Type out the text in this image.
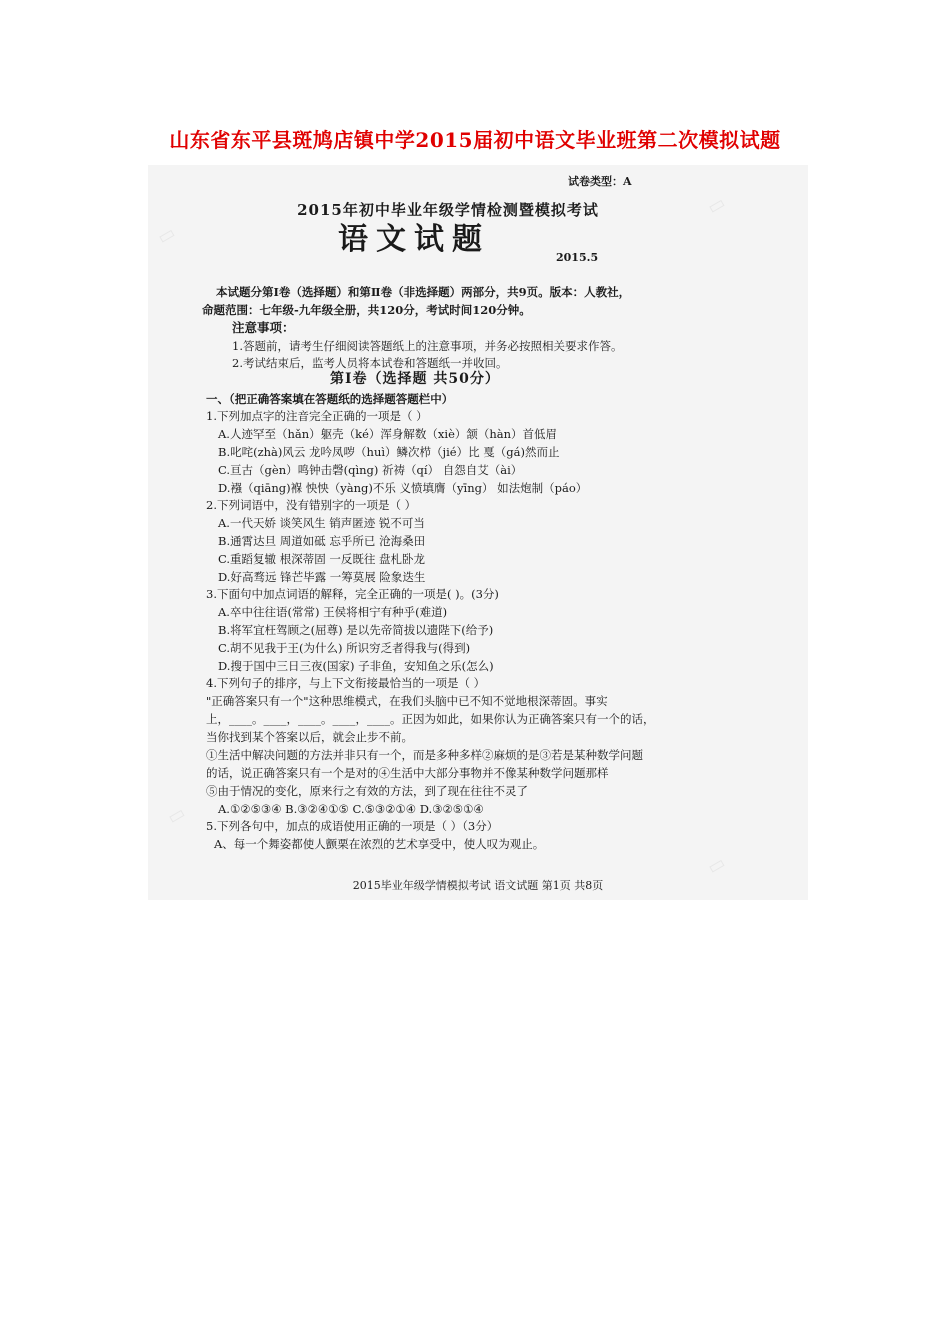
山东省东平县斑鸠店镇中学2015届初中语文毕业班第二次模拟试题
▭
▭
▭
▭
试卷类型：A
2015年初中毕业年级学情检测暨模拟考试
语文试题
2015.5
本试题分第Ⅰ卷（选择题）和第Ⅱ卷（非选择题）两部分，共9页。版本：人教社，
命题范围：七年级-九年级全册，共120分，考试时间120分钟。
注意事项：
1.答题前，请考生仔细阅读答题纸上的注意事项，并务必按照相关要求作答。
2.考试结束后，监考人员将本试卷和答题纸一并收回。
第Ⅰ卷（选择题 共50分）
一、（把正确答案填在答题纸的选择题答题栏中）
1.下列加点字的注音完全正确的一项是（ ）
A.人迹罕至（hǎn）躯壳（ké）浑身解数（xiè）颔（hàn）首低眉
B.叱咤(zhà)风云 龙吟凤哕（huì）鳞次栉（jié）比 戛（gá)然而止
C.亘古（gèn）鸣钟击磬(qìng) 祈祷（qí） 自怨自艾（ài）
D.襁（qiāng)褓 怏怏（yàng)不乐 义愤填膺（yīng） 如法炮制（páo）
2.下列词语中，没有错别字的一项是（ ）
A.一代天娇 谈笑风生 销声匿迹 锐不可当
B.通霄达旦 周道如砥 忘乎所已 沧海桑田
C.重蹈复辙 根深蒂固 一反既往 盘札卧龙
D.好高骛远 锋芒毕露 一筹莫展 险象迭生
3.下面句中加点词语的解释，完全正确的一项是( )。(3分)
A.卒中往往语(常常) 王侯将相宁有种乎(难道)
B.将军宜枉驾顾之(屈尊) 是以先帝简拔以遗陛下(给予)
C.胡不见我于王(为什么) 所识穷乏者得我与(得到)
D.搜于国中三日三夜(国家) 子非鱼，安知鱼之乐(怎么)
4.下列句子的排序，与上下文衔接最恰当的一项是（ ）
"正确答案只有一个"这种思维模式，在我们头脑中已不知不觉地根深蒂固。事实
上，____。____，____。____，____。正因为如此，如果你认为正确答案只有一个的话，
当你找到某个答案以后，就会止步不前。
①生活中解决问题的方法并非只有一个，而是多种多样②麻烦的是③若是某种数学问题
的话，说正确答案只有一个是对的④生活中大部分事物并不像某种数学问题那样
⑤由于情况的变化，原来行之有效的方法，到了现在往往不灵了
A.①②⑤③④ B.③②④①⑤ C.⑤③②①④ D.③②⑤①④
5.下列各句中，加点的成语使用正确的一项是（ ）（3分）
A、每一个舞姿都使人颤栗在浓烈的艺术享受中，使人叹为观止。
2015毕业年级学情模拟考试 语文试题 第1页 共8页
